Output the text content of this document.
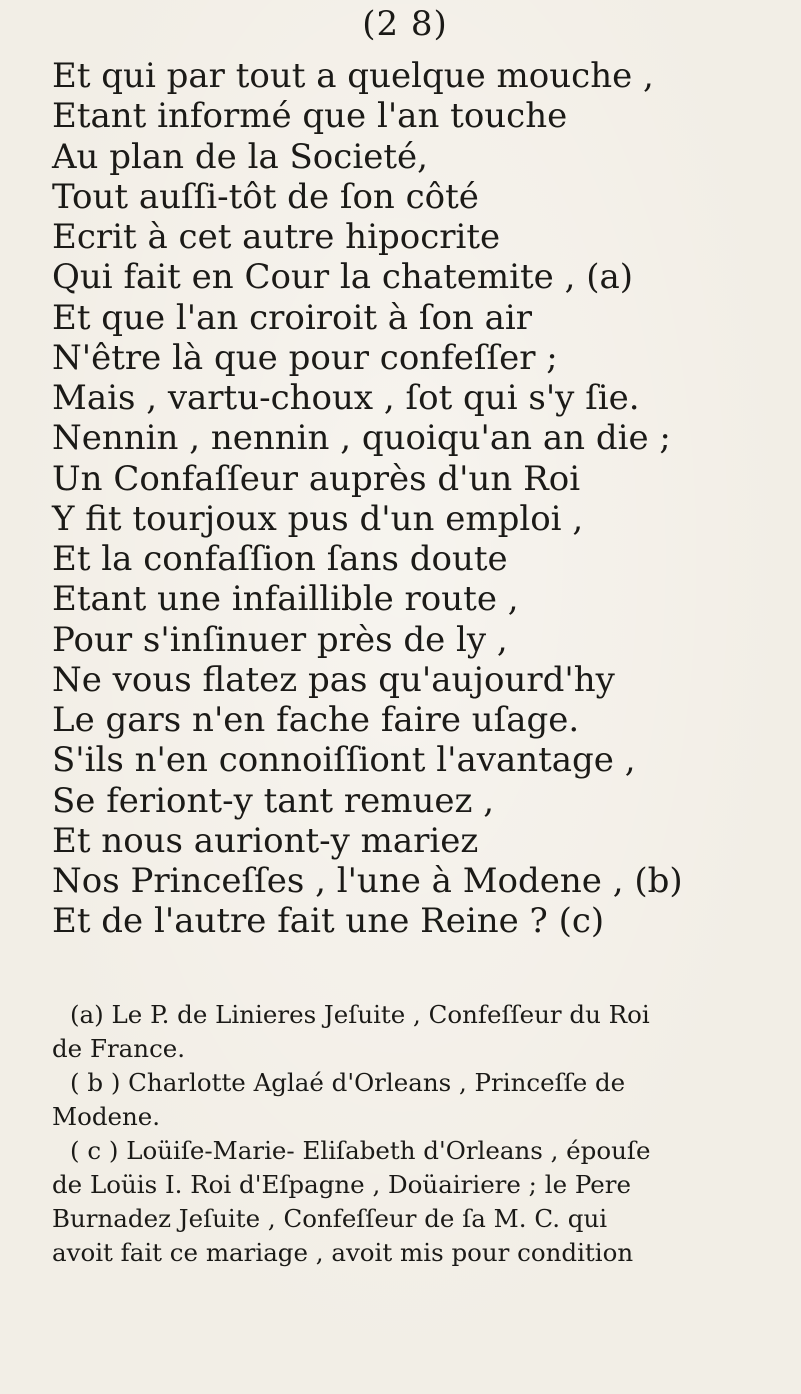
(2 8)
Et qui par tout a quelque mouche ,
Etant informé que l'an touche
Au plan de la Societé,
Tout auſſi-tôt de ſon côté
Ecrit à cet autre hipocrite
Qui fait en Cour la chatemite , (a)
Et que l'an croiroit à ſon air
N'être là que pour confeſſer ;
Mais , vartu-choux , ſot qui s'y ſie.
Nennin , nennin , quoiqu'an an die ;
Un Confaſſeur auprès d'un Roi
Y fit tourjoux pus d'un emploi ,
Et la confaſſion ſans doute
Etant une infaillible route ,
Pour s'inſinuer près de ly ,
Ne vous flatez pas qu'aujourd'hy
Le gars n'en fache faire uſage.
S'ils n'en connoiſſiont l'avantage ,
Se feriont-y tant remuez ,
Et nous auriont-y mariez
Nos Princeſſes , l'une à Modene , (b)
Et de l'autre fait une Reine ? (c)
(a) Le P. de Linieres Jeſuite , Confeſſeur du Roi
de France.
( b ) Charlotte Aglaé d'Orleans , Princeſſe de
Modene.
( c ) Loüiſe-Marie- Eliſabeth d'Orleans , épouſe
de Loüis I. Roi d'Eſpagne , Doüairiere ; le Pere
Burnadez Jeſuite , Confeſſeur de ſa M. C. qui
avoit fait ce mariage , avoit mis pour condition
